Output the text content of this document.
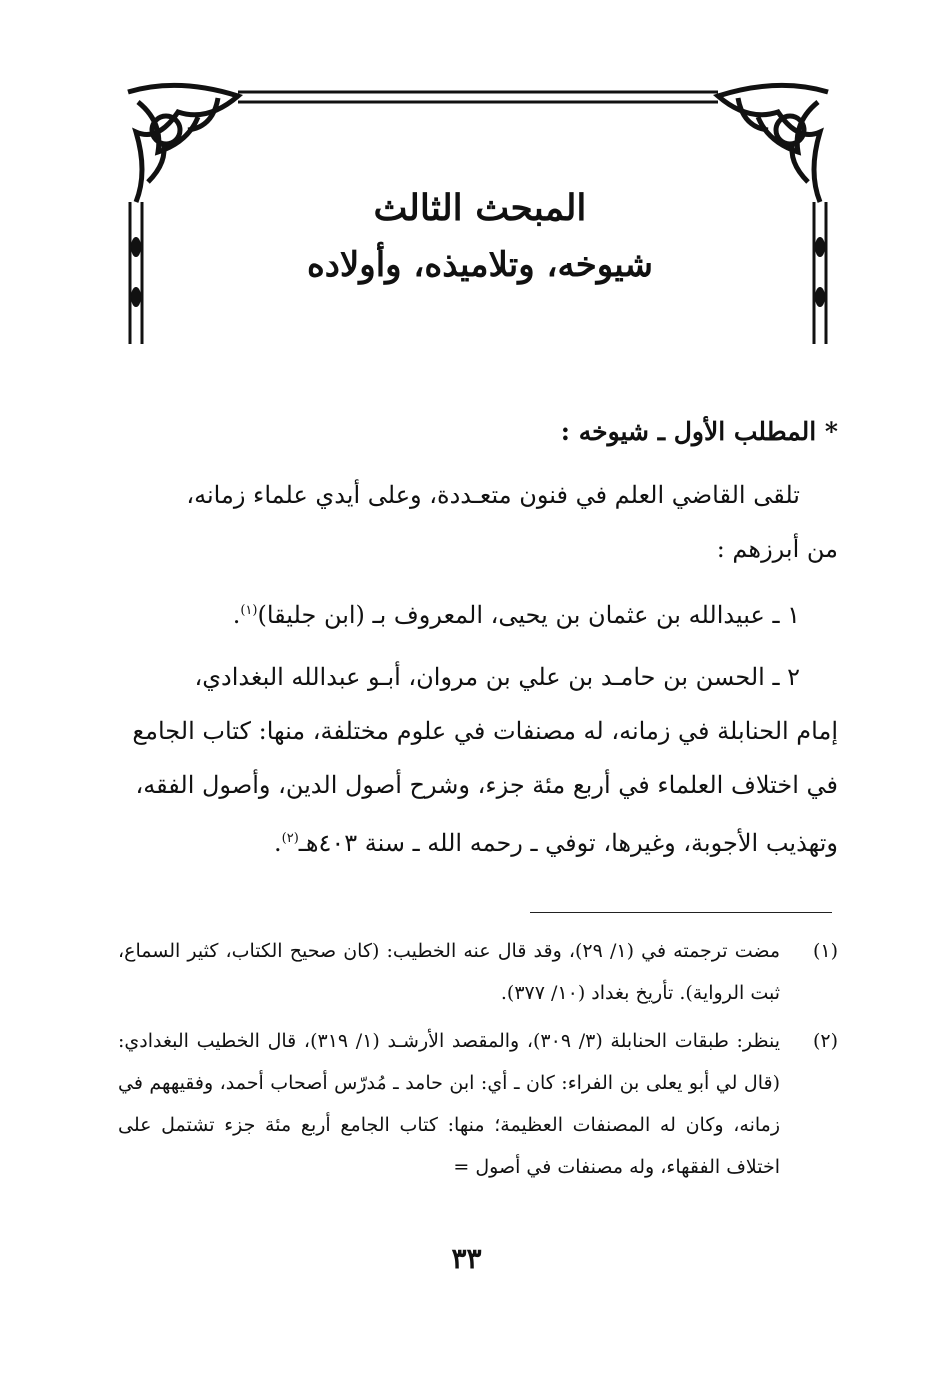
المبحث الثالث
شيوخه، وتلاميذه، وأولاده
* المطلب الأول ـ شيوخه :

تلقى القاضي العلم في فنون متعـددة، وعلى أيدي علماء زمانه،

من أبرزهم :

١ ـ عبيدالله بن عثمان بن يحيى، المعروف بـ (ابن جليقا)$^{(١)}$.

٢ ـ الحسن بن حامـد بن علي بن مروان، أبـو عبدالله البغدادي،

إمام الحنابلة في زمانه، له مصنفات في علوم مختلفة، منها: كتاب الجامع

في اختلاف العلماء في أربع مئة جزء، وشرح أصول الدين، وأصول الفقه،

وتهذيب الأجوبة، وغيرها، توفي ـ رحمه الله ـ سنة ٤٠٣هـ$^{(٢)}$.

(١)
مضت ترجمته في (١/ ٢٩)، وقد قال عنه الخطيب: (كان صحيح الكتاب، كثير السماع، ثبت الرواية). تأريخ بغداد (١٠/ ٣٧٧).
(٢)
ينظر: طبقات الحنابلة (٣/ ٣٠٩)، والمقصد الأرشـد (١/ ٣١٩)، قال الخطيب البغدادي: (قال لي أبو يعلى بن الفراء: كان ـ أي: ابن حامد ـ مُدرّس أصحاب أحمد، وفقيههم في زمانه، وكان له المصنفات العظيمة؛ منها: كتاب الجامع أربع مئة جزء تشتمل على اختلاف الفقهاء، وله مصنفات في أصول =
٣٣
